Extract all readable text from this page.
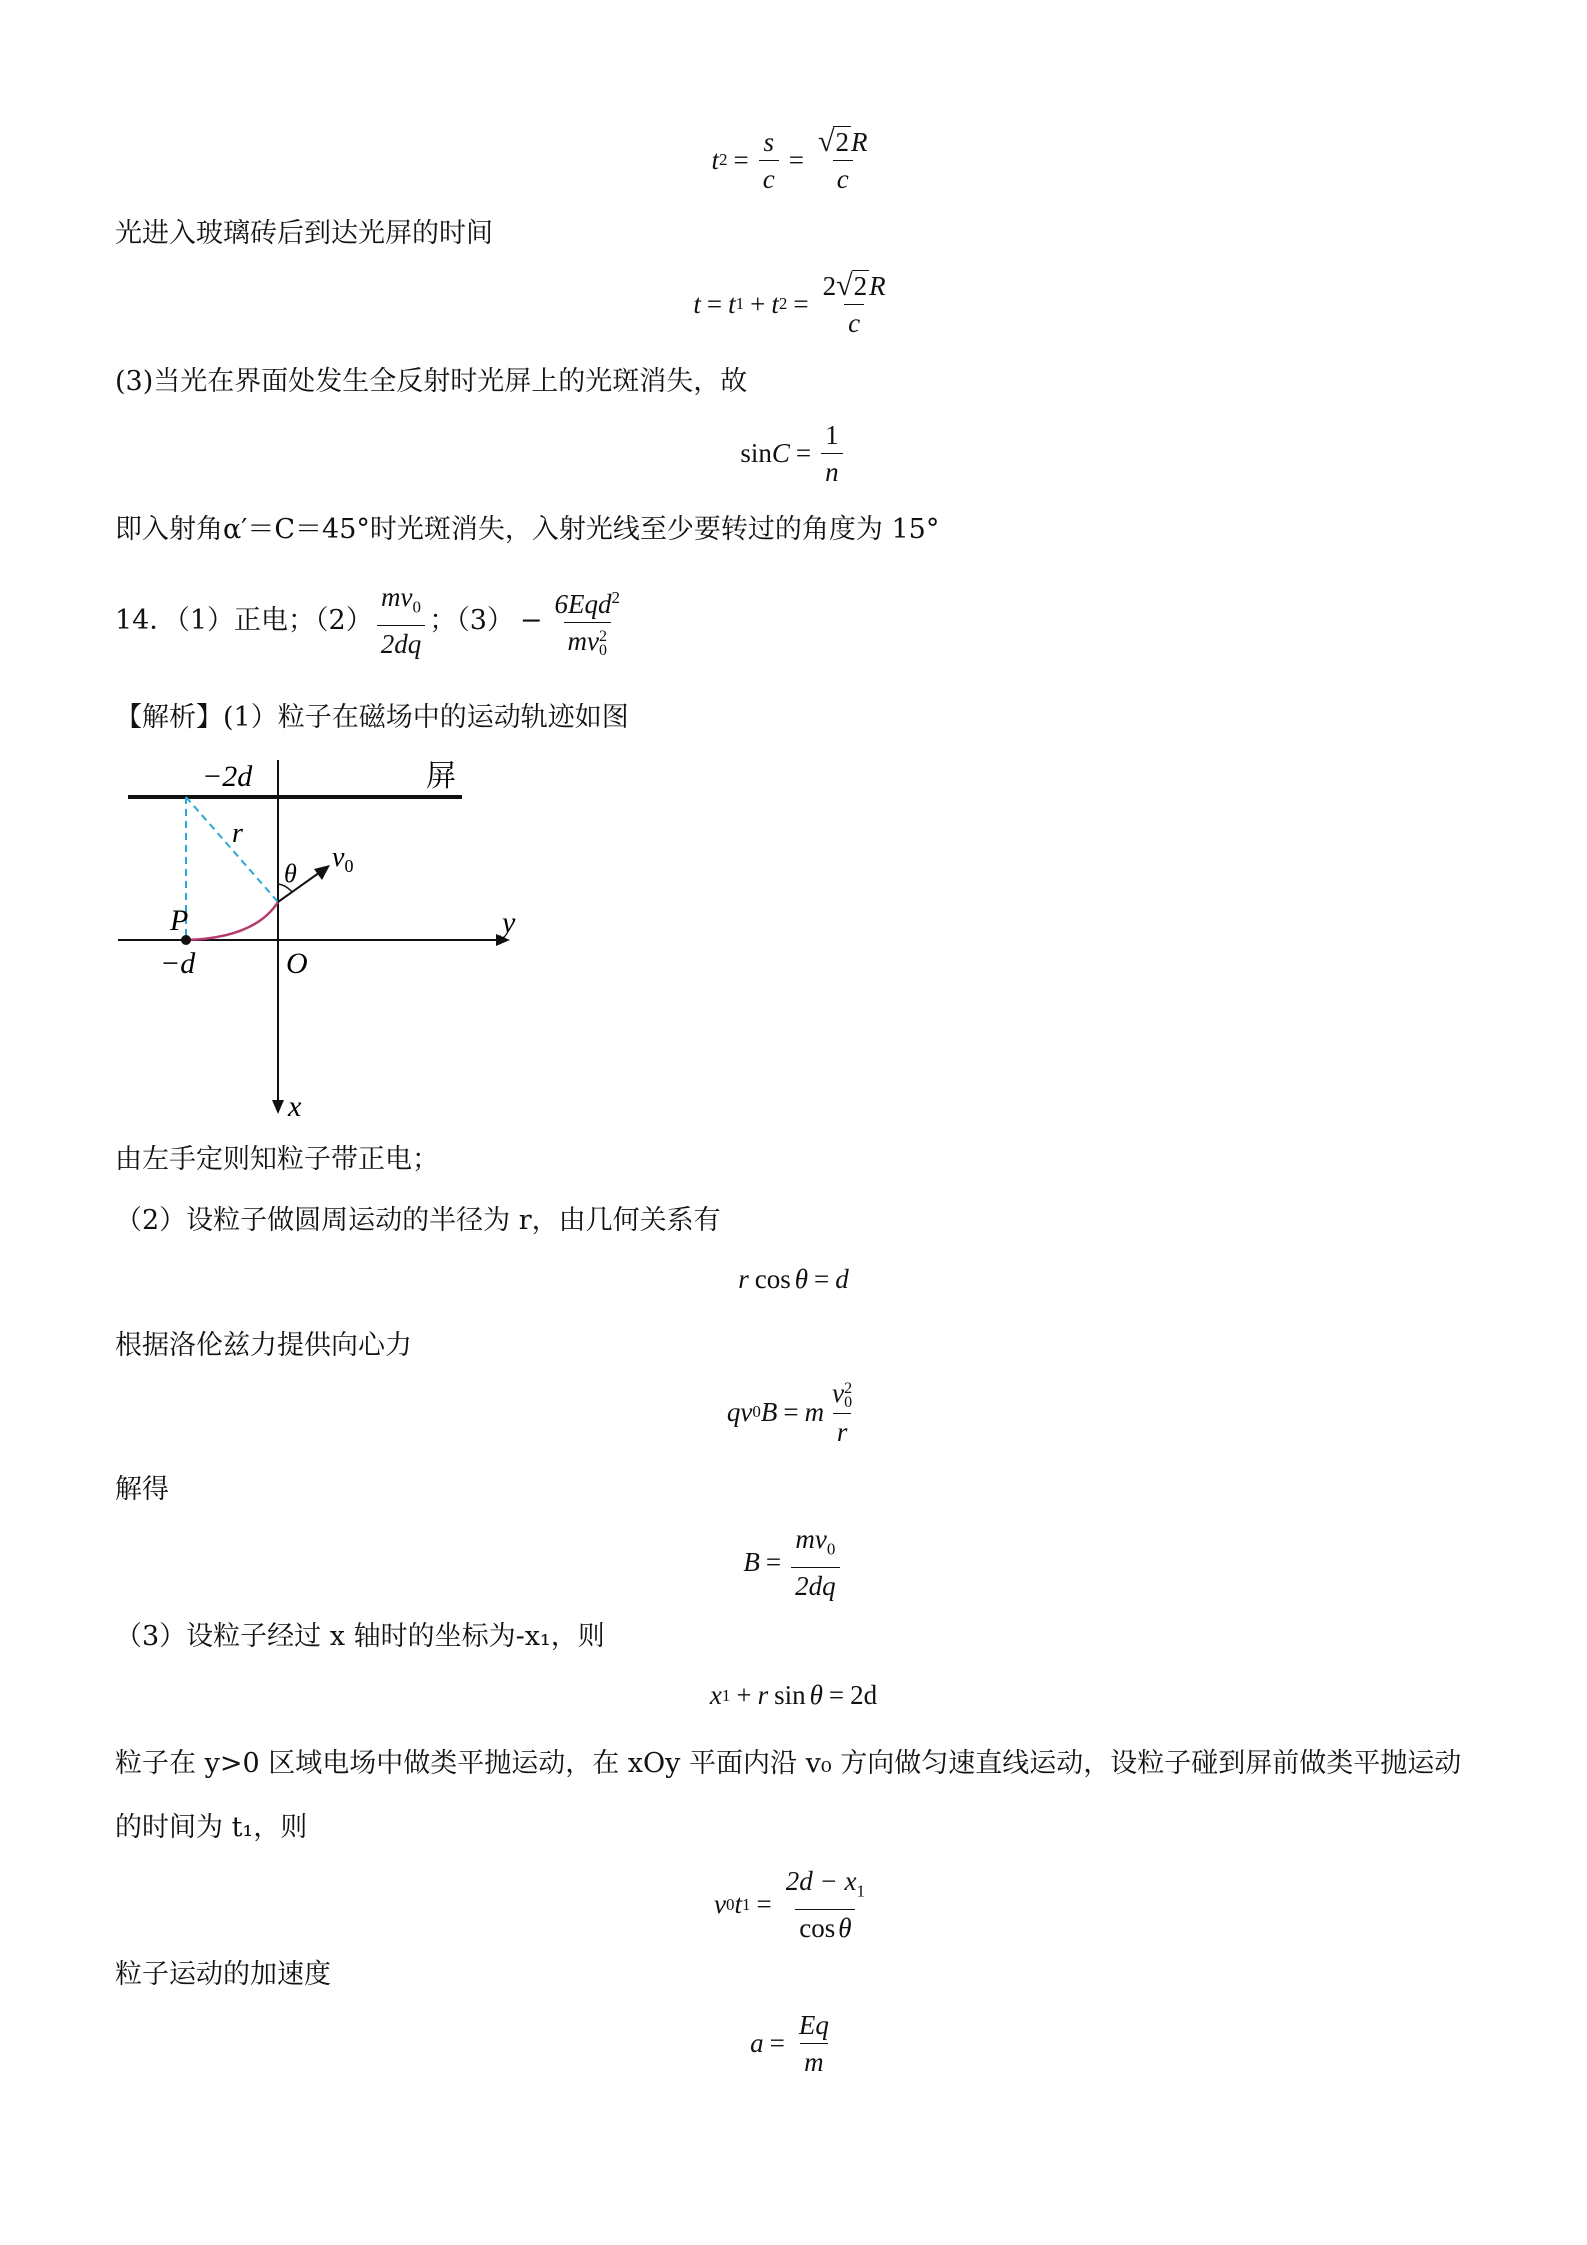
t $2 = \frac{s}{c} = \frac{√ 2 R}{c}$
光进入玻璃砖后到达光屏的时间
t = t 1 + t $2 = \frac{2 √ 2 R}{c}$
(3)当光在界面处发生全反射时光屏上的光斑消失，故
$\sin C = \frac{1}{n}$
即入射角α′＝C＝45°时光斑消失，入射光线至少要转过的角度为 15°
14．（1）正电；$(2) \frac{mv_0}{2dq}$ ；（3） − 6Eqd$^2$
mv 2
0
【解析】(1）粒子在磁场中的运动轨迹如图
−2d	屏
r
θ
$v_0$
P	y
−d	O
x
由左手定则知粒子带正电；
（2）设粒子做圆周运动的半径为 r，由几何关系有
r cos θ = d
根据洛伦兹力提供向心力
q v 0 B = m v 2
0
r
解得
$B = \frac{mv_0}{2dq}$
（3）设粒子经过 x 轴时的坐标为-x₁，则
x 1 + r sin θ = 2d
粒子在 y>0 区域电场中做类平抛运动，在 xOy 平面内沿 v₀ 方向做匀速直线运动，设粒子碰到屏前做类平抛运动的时间为 t₁，则
v 0 t $1 = \frac{2d - x_1}{\text{cos θ}}$
粒子运动的加速度
$a = \frac{Eq}{m}$
